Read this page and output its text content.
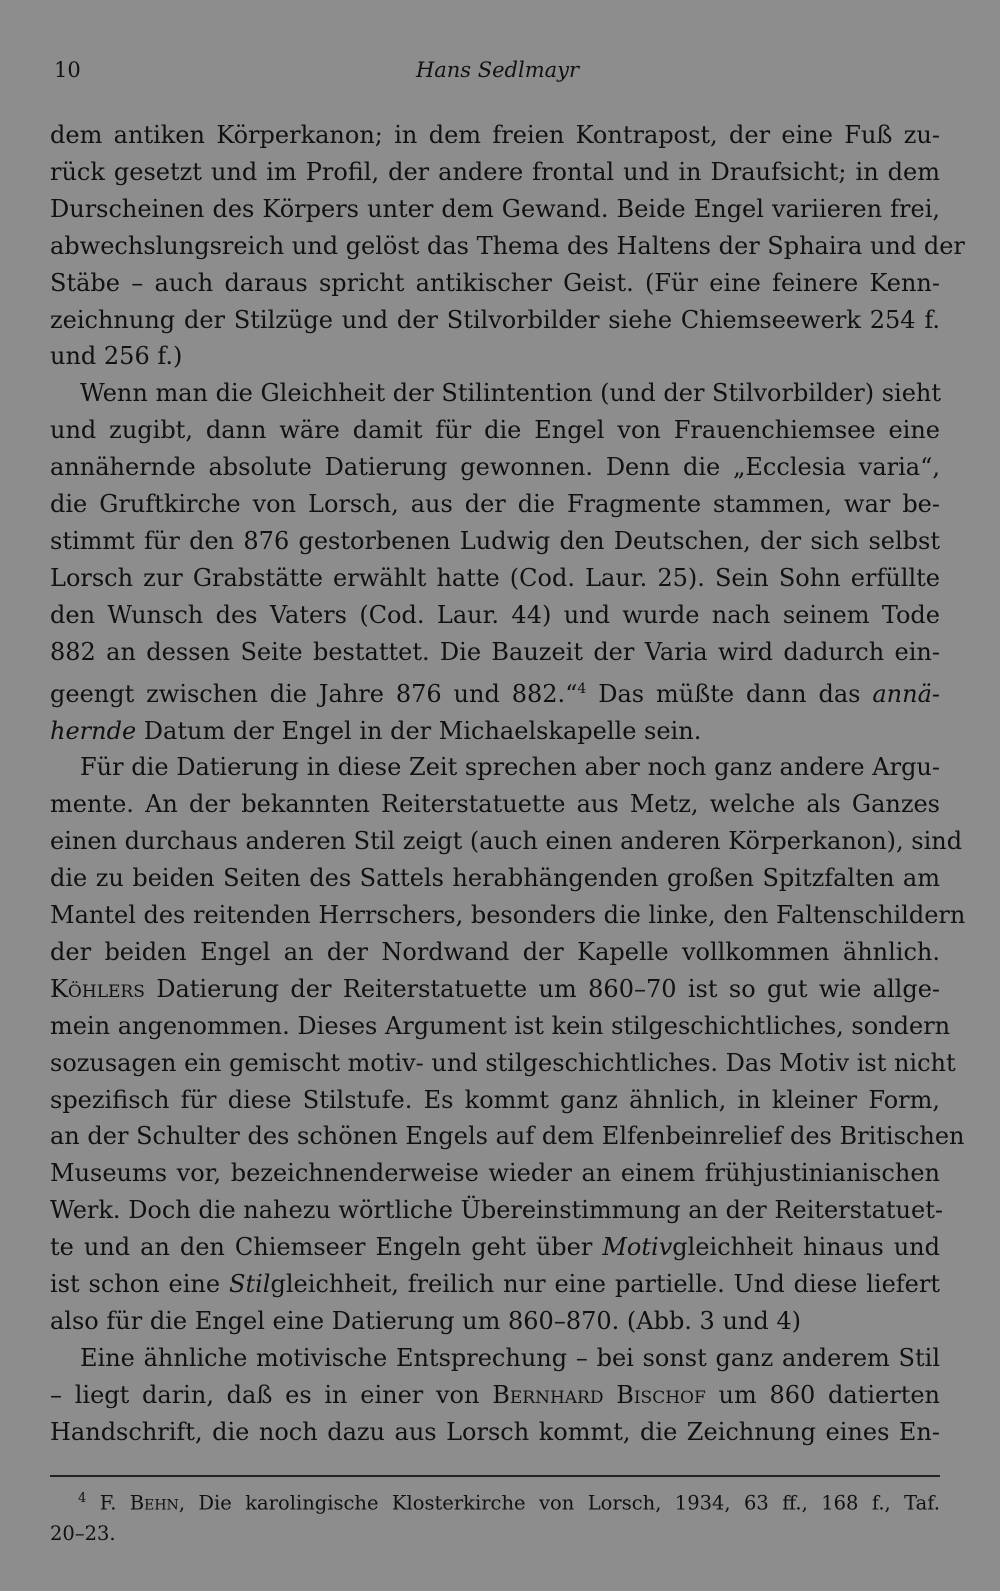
10	Hans Sedlmayr

dem antiken Körperkanon; in dem freien Kontrapost, der eine Fuß zu-
rück gesetzt und im Profil, der andere frontal und in Draufsicht; in dem
Durscheinen des Körpers unter dem Gewand. Beide Engel variieren frei,
abwechslungsreich und gelöst das Thema des Haltens der Sphaira und der
Stäbe – auch daraus spricht antikischer Geist. (Für eine feinere Kenn-
zeichnung der Stilzüge und der Stilvorbilder siehe Chiemseewerk 254 f.
und 256 f.)

Wenn man die Gleichheit der Stilintention (und der Stilvorbilder) sieht
und zugibt, dann wäre damit für die Engel von Frauenchiemsee eine
annähernde absolute Datierung gewonnen. Denn die „Ecclesia varia“,
die Gruftkirche von Lorsch, aus der die Fragmente stammen, war be-
stimmt für den 876 gestorbenen Ludwig den Deutschen, der sich selbst
Lorsch zur Grabstätte erwählt hatte (Cod. Laur. 25). Sein Sohn erfüllte
den Wunsch des Vaters (Cod. Laur. 44) und wurde nach seinem Tode
882 an dessen Seite bestattet. Die Bauzeit der Varia wird dadurch ein-
geengt zwischen die Jahre 876 und 882.“$^4$ Das müßte dann das annä-
hernde Datum der Engel in der Michaelskapelle sein.

Für die Datierung in diese Zeit sprechen aber noch ganz andere Argu-
mente. An der bekannten Reiterstatuette aus Metz, welche als Ganzes
einen durchaus anderen Stil zeigt (auch einen anderen Körperkanon), sind
die zu beiden Seiten des Sattels herabhängenden großen Spitzfalten am
Mantel des reitenden Herrschers, besonders die linke, den Faltenschildern
der beiden Engel an der Nordwand der Kapelle vollkommen ähnlich.
Köhlers Datierung der Reiterstatuette um 860–70 ist so gut wie allge-
mein angenommen. Dieses Argument ist kein stilgeschichtliches, sondern
sozusagen ein gemischt motiv- und stilgeschichtliches. Das Motiv ist nicht
spezifisch für diese Stilstufe. Es kommt ganz ähnlich, in kleiner Form,
an der Schulter des schönen Engels auf dem Elfenbeinrelief des Britischen
Museums vor, bezeichnenderweise wieder an einem frühjustinianischen
Werk. Doch die nahezu wörtliche Übereinstimmung an der Reiterstatuet-
te und an den Chiemseer Engeln geht über Motivgleichheit hinaus und
ist schon eine Stilgleichheit, freilich nur eine partielle. Und diese liefert
also für die Engel eine Datierung um 860–870. (Abb. 3 und 4)

Eine ähnliche motivische Entsprechung – bei sonst ganz anderem Stil
– liegt darin, daß es in einer von Bernhard Bischof um 860 datierten
Handschrift, die noch dazu aus Lorsch kommt, die Zeichnung eines En-

$^4$ F. Behn, Die karolingische Klosterkirche von Lorsch, 1934, 63 ff., 168 f., Taf.
20–23.
